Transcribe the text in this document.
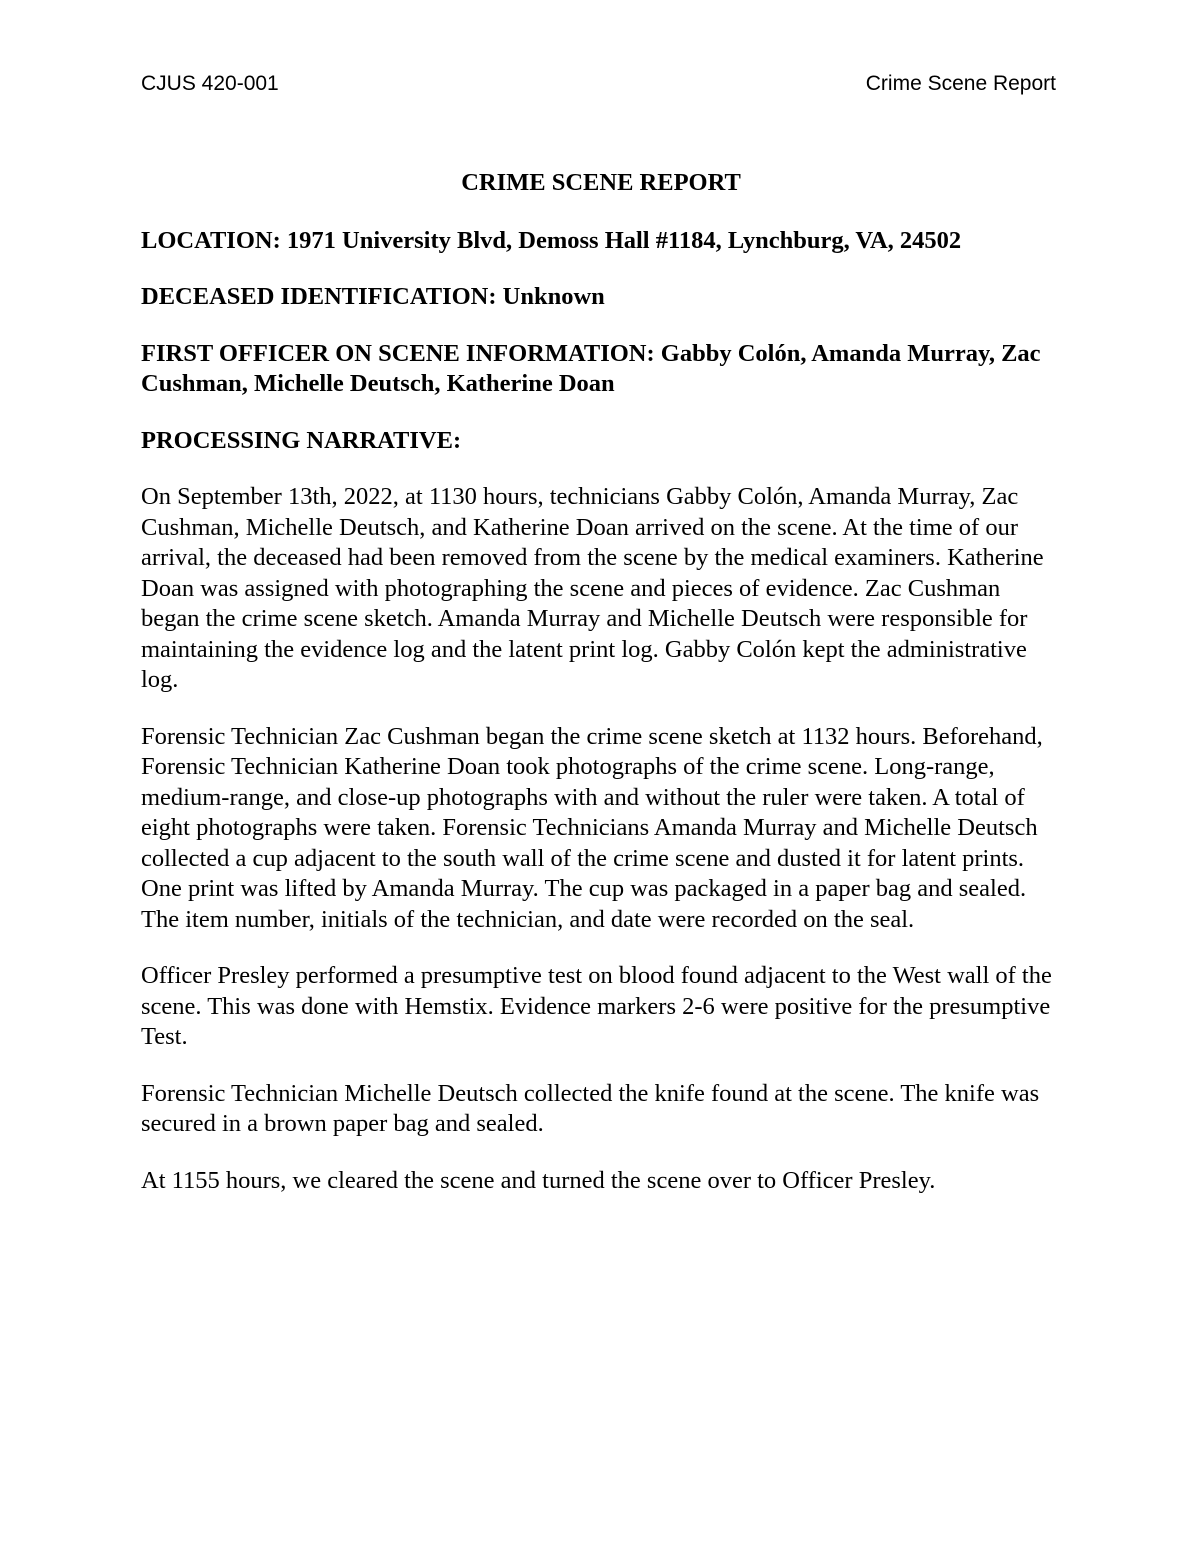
CJUS 420-001	Crime Scene Report
CRIME SCENE REPORT
LOCATION: 1971 University Blvd, Demoss Hall #1184, Lynchburg, VA, 24502
DECEASED IDENTIFICATION: Unknown
FIRST OFFICER ON SCENE INFORMATION: Gabby Colón, Amanda Murray, Zac Cushman, Michelle Deutsch, Katherine Doan
PROCESSING NARRATIVE:

On September 13th, 2022, at 1130 hours, technicians Gabby Colón, Amanda Murray, Zac Cushman, Michelle Deutsch, and Katherine Doan arrived on the scene. At the time of our arrival, the deceased had been removed from the scene by the medical examiners. Katherine Doan was assigned with photographing the scene and pieces of evidence. Zac Cushman began the crime scene sketch. Amanda Murray and Michelle Deutsch were responsible for maintaining the evidence log and the latent print log. Gabby Colón kept the administrative log.

Forensic Technician Zac Cushman began the crime scene sketch at 1132 hours. Beforehand, Forensic Technician Katherine Doan took photographs of the crime scene. Long-range, medium-range, and close-up photographs with and without the ruler were taken. A total of eight photographs were taken. Forensic Technicians Amanda Murray and Michelle Deutsch collected a cup adjacent to the south wall of the crime scene and dusted it for latent prints. One print was lifted by Amanda Murray. The cup was packaged in a paper bag and sealed. The item number, initials of the technician, and date were recorded on the seal.

Officer Presley performed a presumptive test on blood found adjacent to the West wall of the scene. This was done with Hemstix. Evidence markers 2-6 were positive for the presumptive Test.

Forensic Technician Michelle Deutsch collected the knife found at the scene. The knife was secured in a brown paper bag and sealed.

At 1155 hours, we cleared the scene and turned the scene over to Officer Presley.
